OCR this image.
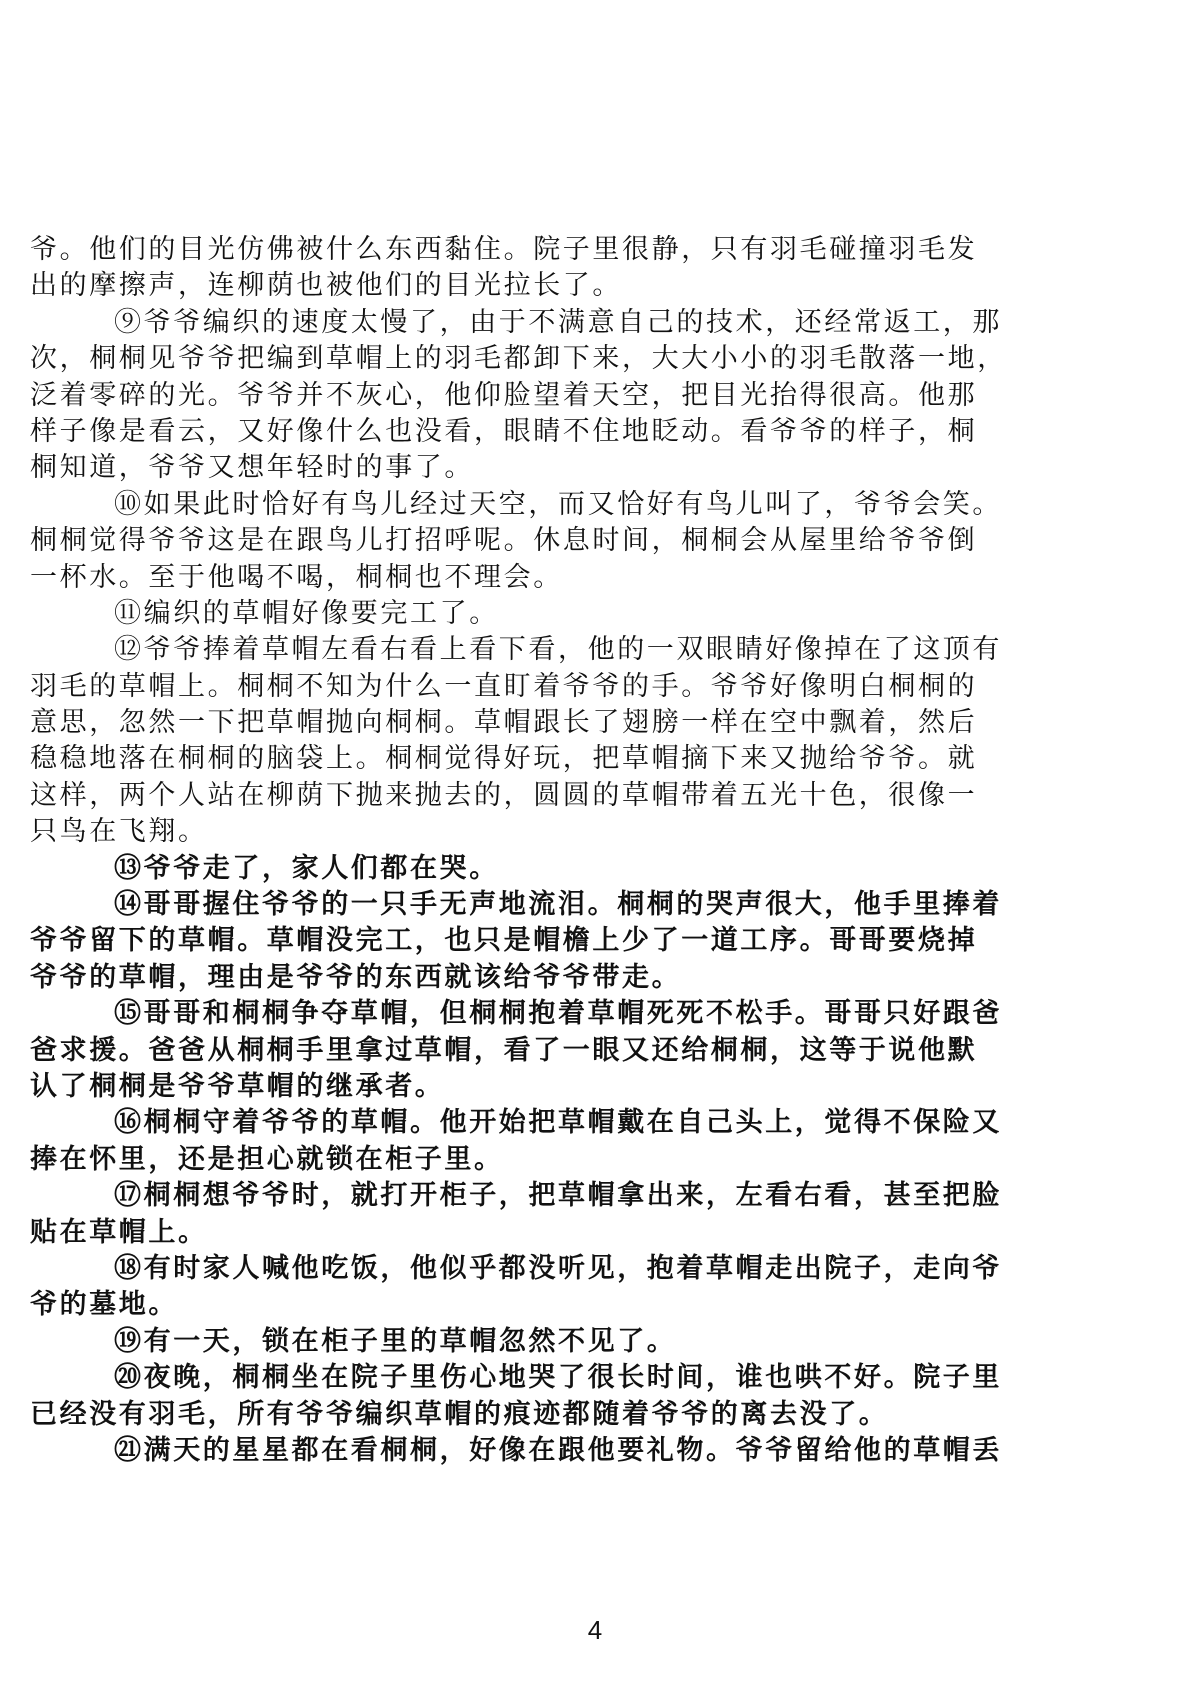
爷。他们的目光仿佛被什么东西黏住。院子里很静，只有羽毛碰撞羽毛发
出的摩擦声，连柳荫也被他们的目光拉长了。
⑨爷爷编织的速度太慢了，由于不满意自己的技术，还经常返工，那
次，桐桐见爷爷把编到草帽上的羽毛都卸下来，大大小小的羽毛散落一地，
泛着零碎的光。爷爷并不灰心，他仰脸望着天空，把目光抬得很高。他那
样子像是看云，又好像什么也没看，眼睛不住地眨动。看爷爷的样子，桐
桐知道，爷爷又想年轻时的事了。
⑩如果此时恰好有鸟儿经过天空，而又恰好有鸟儿叫了，爷爷会笑。
桐桐觉得爷爷这是在跟鸟儿打招呼呢。休息时间，桐桐会从屋里给爷爷倒
一杯水。至于他喝不喝，桐桐也不理会。
⑪编织的草帽好像要完工了。
⑫爷爷捧着草帽左看右看上看下看，他的一双眼睛好像掉在了这顶有
羽毛的草帽上。桐桐不知为什么一直盯着爷爷的手。爷爷好像明白桐桐的
意思，忽然一下把草帽抛向桐桐。草帽跟长了翅膀一样在空中飘着，然后
稳稳地落在桐桐的脑袋上。桐桐觉得好玩，把草帽摘下来又抛给爷爷。就
这样，两个人站在柳荫下抛来抛去的，圆圆的草帽带着五光十色，很像一
只鸟在飞翔。
⑬爷爷走了，家人们都在哭。
⑭哥哥握住爷爷的一只手无声地流泪。桐桐的哭声很大，他手里捧着
爷爷留下的草帽。草帽没完工，也只是帽檐上少了一道工序。哥哥要烧掉
爷爷的草帽，理由是爷爷的东西就该给爷爷带走。
⑮哥哥和桐桐争夺草帽，但桐桐抱着草帽死死不松手。哥哥只好跟爸
爸求援。爸爸从桐桐手里拿过草帽，看了一眼又还给桐桐，这等于说他默
认了桐桐是爷爷草帽的继承者。
⑯桐桐守着爷爷的草帽。他开始把草帽戴在自己头上，觉得不保险又
捧在怀里，还是担心就锁在柜子里。
⑰桐桐想爷爷时，就打开柜子，把草帽拿出来，左看右看，甚至把脸
贴在草帽上。
⑱有时家人喊他吃饭，他似乎都没听见，抱着草帽走出院子，走向爷
爷的墓地。
⑲有一天，锁在柜子里的草帽忽然不见了。
⑳夜晚，桐桐坐在院子里伤心地哭了很长时间，谁也哄不好。院子里
已经没有羽毛，所有爷爷编织草帽的痕迹都随着爷爷的离去没了。
㉑满天的星星都在看桐桐，好像在跟他要礼物。爷爷留给他的草帽丢
4
